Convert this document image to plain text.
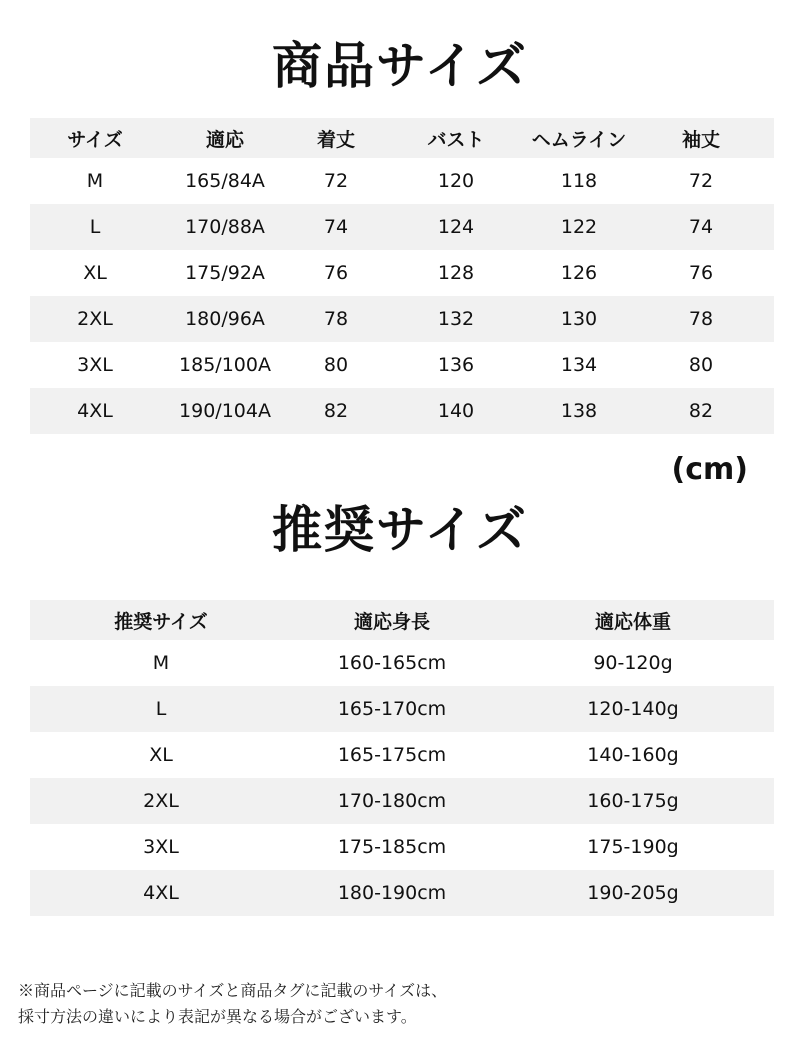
商品サイズ
サイズ	適応	着丈	バスト	ヘムライン	袖丈
M	165/84A	72	120	118	72
L	170/88A	74	124	122	74
XL	175/92A	76	128	126	76
2XL	180/96A	78	132	130	78
3XL	185/100A	80	136	134	80
4XL	190/104A	82	140	138	82
(cm)
推奨サイズ
推奨サイズ	適応身長	適応体重
M	160-165cm	90-120g
L	165-170cm	120-140g
XL	165-175cm	140-160g
2XL	170-180cm	160-175g
3XL	175-185cm	175-190g
4XL	180-190cm	190-205g
※商品ページに記載のサイズと商品タグに記載のサイズは、
採寸方法の違いにより表記が異なる場合がございます。
